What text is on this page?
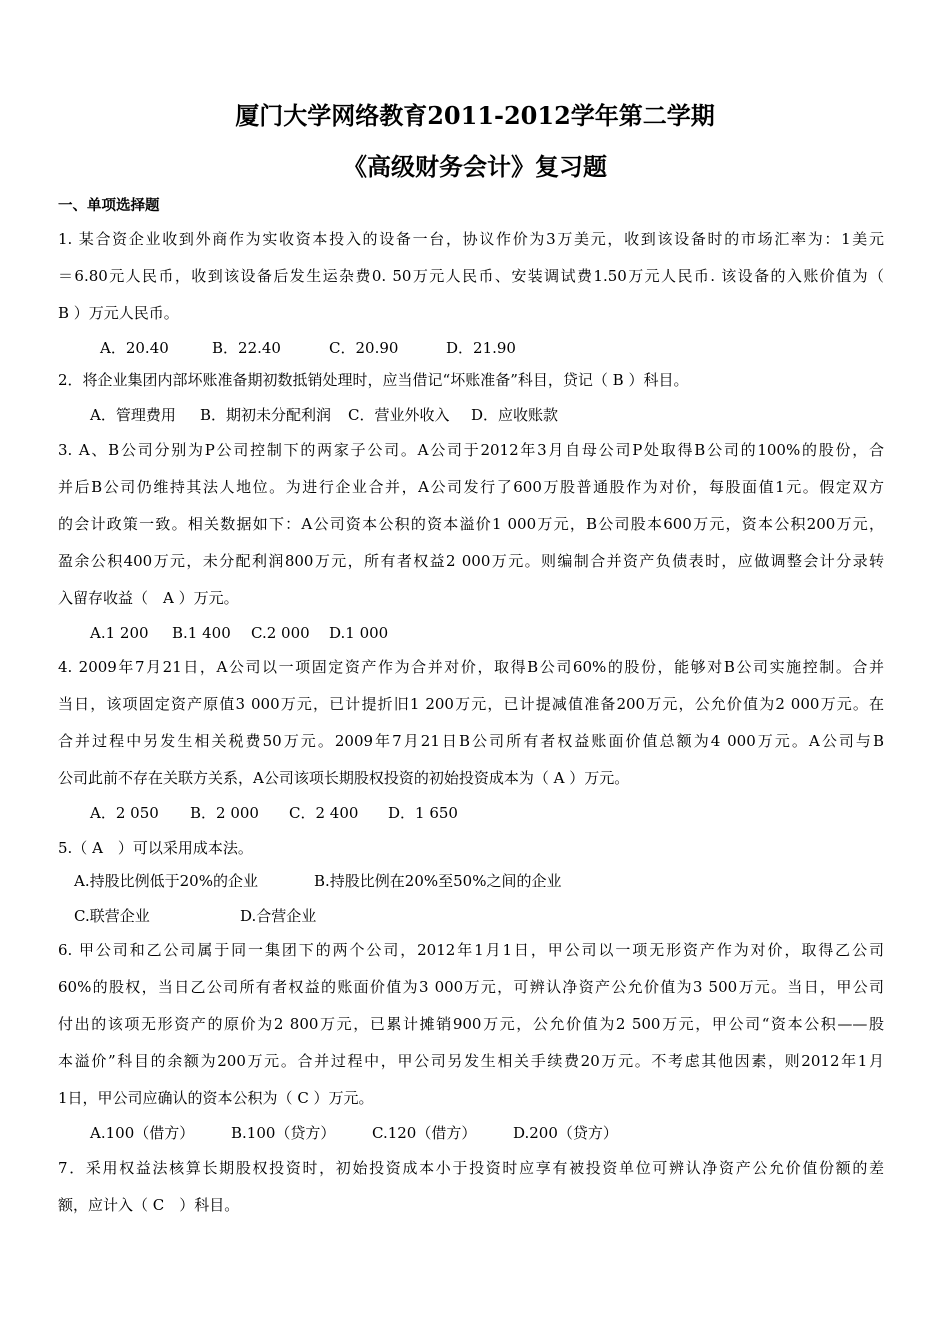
厦门大学网络教育2011-2012学年第二学期
《高级财务会计》复习题
一、单项选择题
1. 某合资企业收到外商作为实收资本投入的设备一台，协议作价为3万美元，收到该设备时的市场汇率为：1美元
＝6.80元人民币，收到该设备后发生运杂费0. 50万元人民币、安装调试费1.50万元人民币. 该设备的入账价值为（
B ）万元人民币。
A．20.40	B．22.40	C．20.90	D．21.90
2．将企业集团内部坏账准备期初数抵销处理时，应当借记“坏账准备”科目，贷记（ B ）科目。
A．管理费用 B．期初未分配利润 C．营业外收入 D．应收账款
3. A、B公司分别为P公司控制下的两家子公司。A公司于2012年3月自母公司P处取得B公司的100%的股份，合
并后B公司仍维持其法人地位。为进行企业合并，A公司发行了600万股普通股作为对价，每股面值1元。假定双方
的会计政策一致。相关数据如下：A公司资本公积的资本溢价1 000万元，B公司股本600万元，资本公积200万元，
盈余公积400万元，未分配利润800万元，所有者权益2 000万元。则编制合并资产负债表时，应做调整会计分录转
入留存收益（　A ）万元。
A.1 200 B.1 400 C.2 000 D.1 000
4. 2009年7月21日，A公司以一项固定资产作为合并对价，取得B公司60%的股份，能够对B公司实施控制。合并
当日，该项固定资产原值3 000万元，已计提折旧1 200万元，已计提减值准备200万元，公允价值为2 000万元。在
合并过程中另发生相关税费50万元。2009年7月21日B公司所有者权益账面价值总额为4 000万元。A公司与B
公司此前不存在关联方关系，A公司该项长期股权投资的初始投资成本为（ A ）万元。
A．2 050 B．2 000 C．2 400 D．1 650
5.（ A　）可以采用成本法。
A.持股比例低于20%的企业	B.持股比例在20%至50%之间的企业
C.联营企业	D.合营企业
6. 甲公司和乙公司属于同一集团下的两个公司，2012年1月1日，甲公司以一项无形资产作为对价，取得乙公司
60%的股权，当日乙公司所有者权益的账面价值为3 000万元，可辨认净资产公允价值为3 500万元。当日，甲公司
付出的该项无形资产的原价为2 800万元，已累计摊销900万元，公允价值为2 500万元，甲公司“资本公积——股
本溢价”科目的余额为200万元。合并过程中，甲公司另发生相关手续费20万元。不考虑其他因素，则2012年1月
1日，甲公司应确认的资本公积为（ C ）万元。
A.100（借方） B.100（贷方） C.120（借方） D.200（贷方）
7．采用权益法核算长期股权投资时，初始投资成本小于投资时应享有被投资单位可辨认净资产公允价值份额的差
额，应计入（ C　）科目。
